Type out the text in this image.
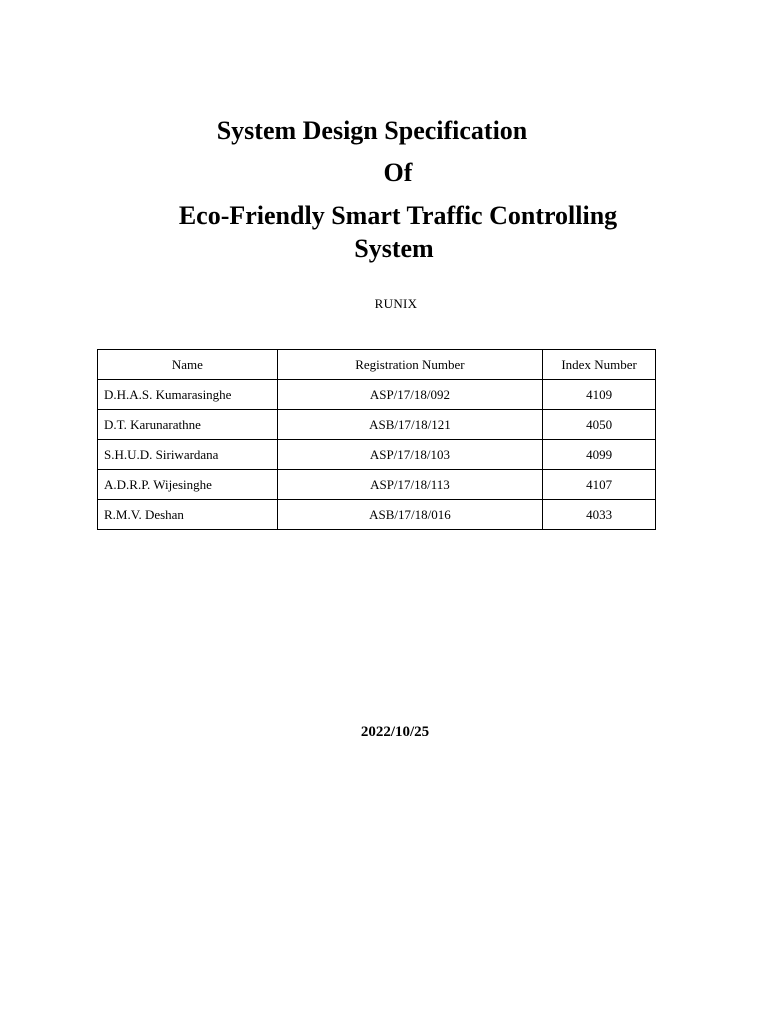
System Design Specification
Of
Eco-Friendly Smart Traffic Controlling
System

RUNIX

Name	Registration Number	Index Number
D.H.A.S. Kumarasinghe	ASP/17/18/092	4109
D.T. Karunarathne	ASB/17/18/121	4050
S.H.U.D. Siriwardana	ASP/17/18/103	4099
A.D.R.P. Wijesinghe	ASP/17/18/113	4107
R.M.V. Deshan	ASB/17/18/016	4033

2022/10/25
